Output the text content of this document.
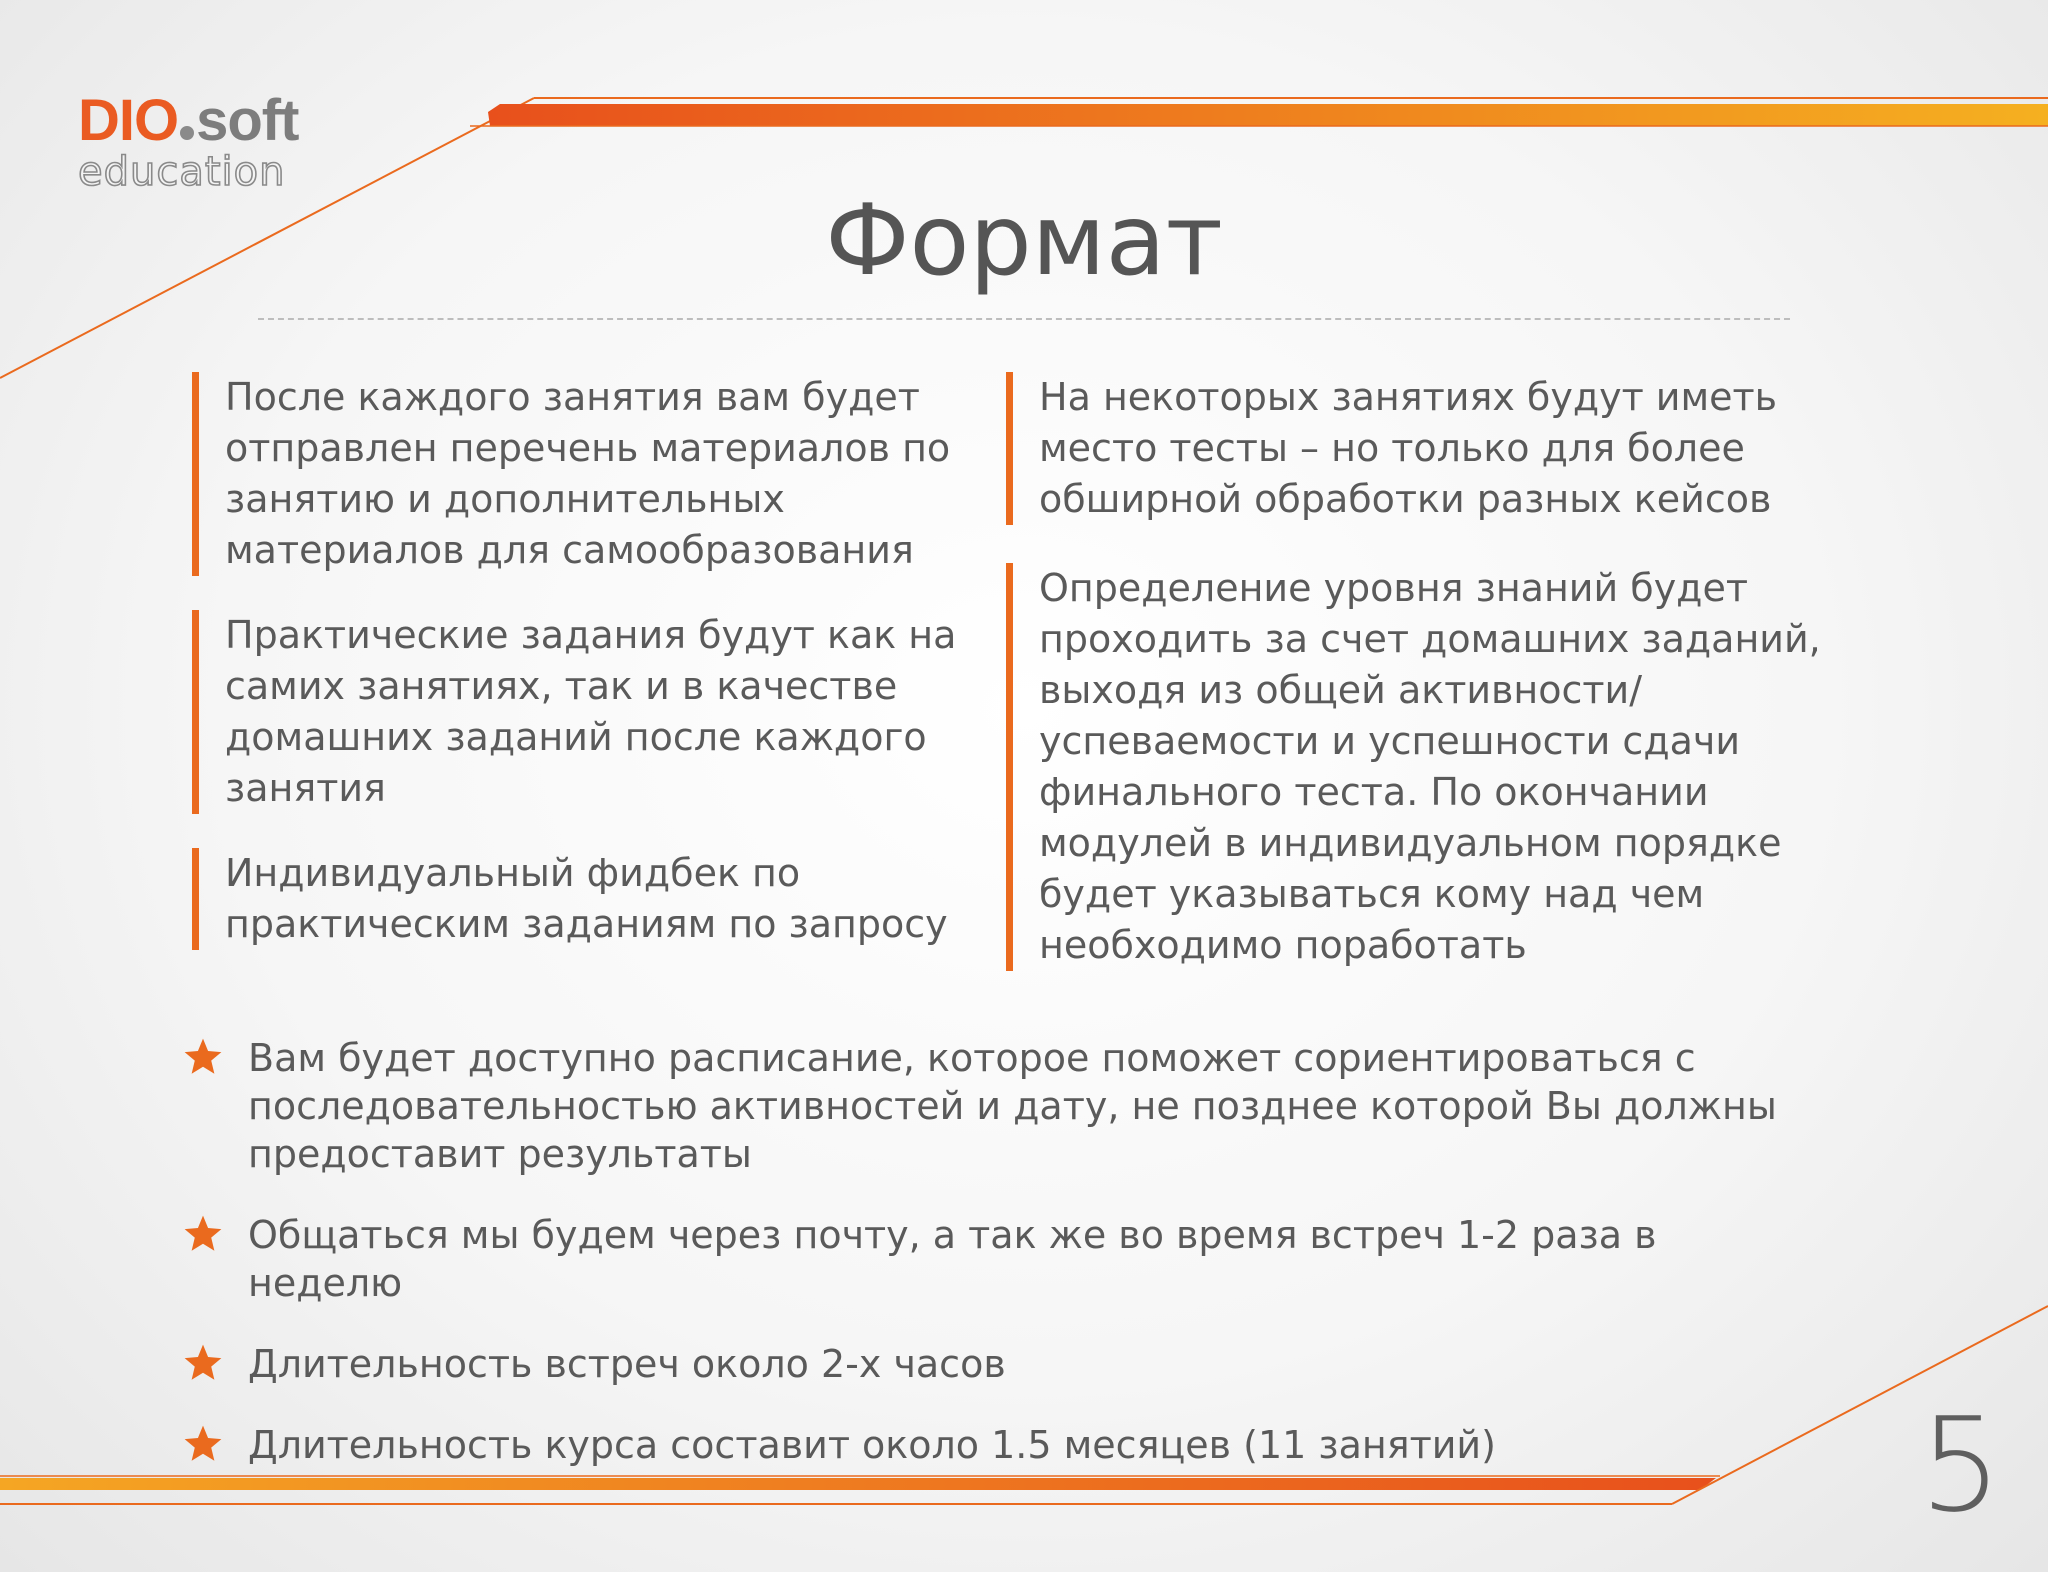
DIO soft
education
Формат

После каждого занятия вам будет отправлен перечень материалов по занятию и дополнительных материалов для самообразования

Практические задания будут как на самих занятиях, так и в качестве домашних заданий после каждого занятия

Индивидуальный фидбек по практическим заданиям по запросу

На некоторых занятиях будут иметь место тесты – но только для более обширной обработки разных кейсов

Определение уровня знаний будет проходить за счет домашних заданий, выходя из общей активности/ успеваемости и успешности сдачи финального теста. По окончании модулей в индивидуальном порядке будет указываться кому над чем необходимо поработать

Вам будет доступно расписание, которое поможет сориентироваться с последовательностью активностей и дату, не позднее которой Вы должны предоставит результаты
Общаться мы будем через почту, а так же во время встреч 1-2 раза в неделю
Длительность встреч около 2-х часов
Длительность курса составит около 1.5 месяцев (11 занятий)	5
